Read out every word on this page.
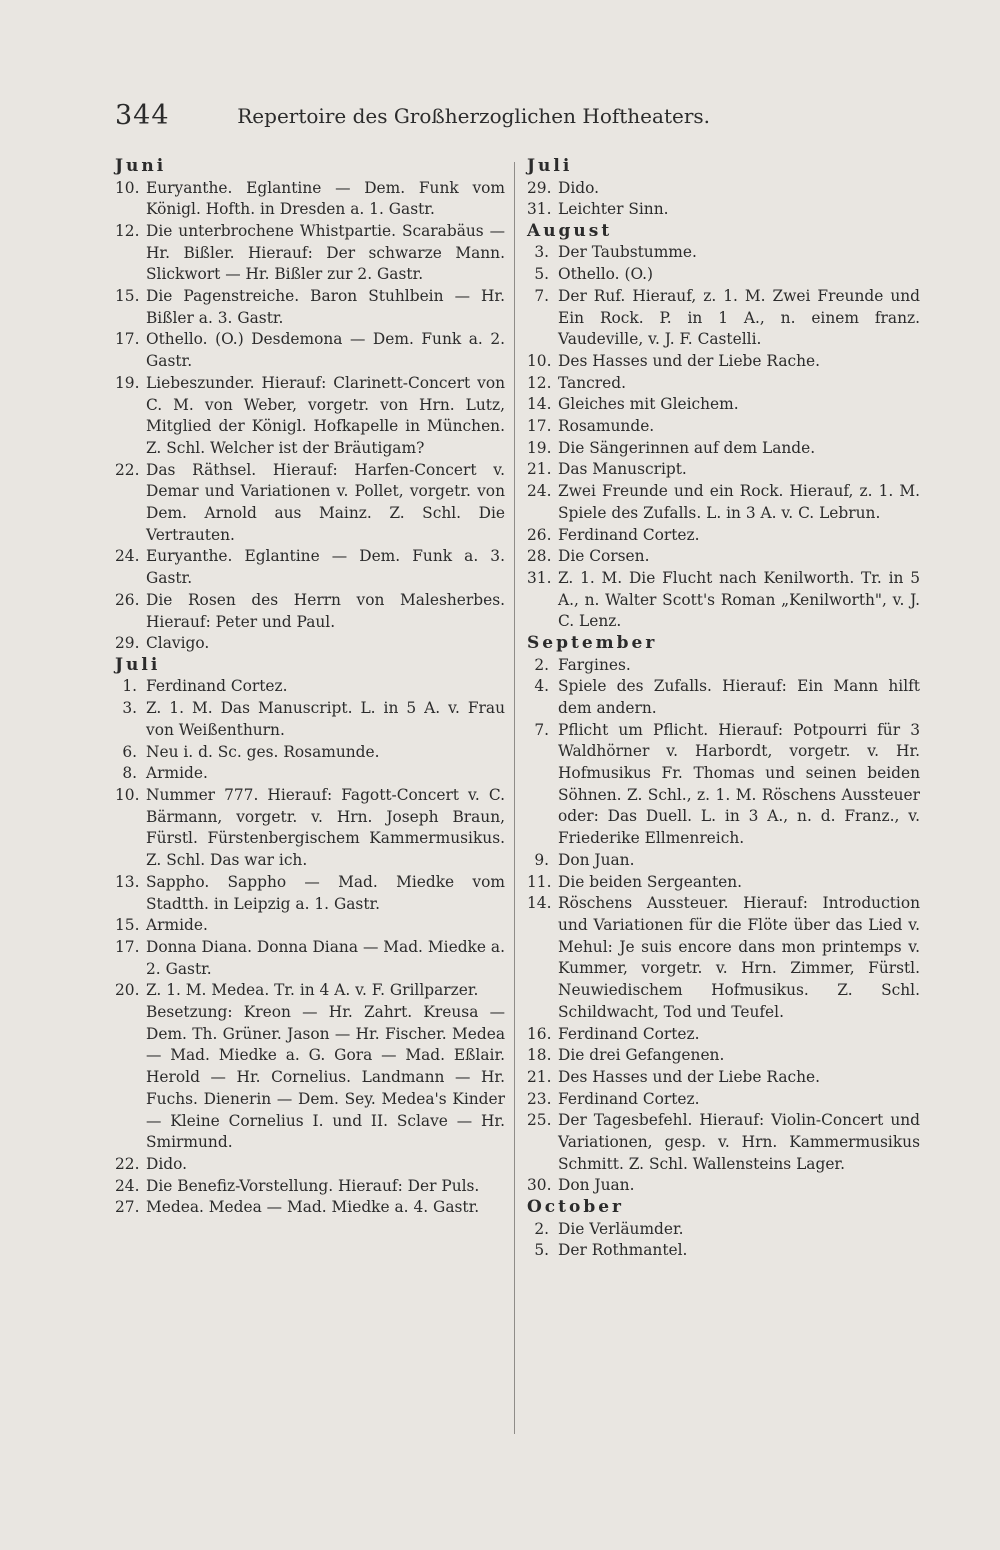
344	Repertoire des Großherzoglichen Hoftheaters.
Juni
10. Euryanthe. Eglantine — Dem. Funk vom Königl. Hofth. in Dresden a. 1. Gastr.
12. Die unterbrochene Whistpartie. Scarabäus — Hr. Bißler. Hierauf: Der schwarze Mann. Slickwort — Hr. Bißler zur 2. Gastr.
15. Die Pagenstreiche. Baron Stuhlbein — Hr. Bißler a. 3. Gastr.
17. Othello. (O.) Desdemona — Dem. Funk a. 2. Gastr.
19. Liebeszunder. Hierauf: Clarinett-Concert von C. M. von Weber, vorgetr. von Hrn. Lutz, Mitglied der Königl. Hofkapelle in München. Z. Schl. Welcher ist der Bräutigam?
22. Das Räthsel. Hierauf: Harfen-Concert v. Demar und Variationen v. Pollet, vorgetr. von Dem. Arnold aus Mainz. Z. Schl. Die Vertrauten.
24. Euryanthe. Eglantine — Dem. Funk a. 3. Gastr.
26. Die Rosen des Herrn von Malesherbes. Hierauf: Peter und Paul.
29. Clavigo.
Juli
1. Ferdinand Cortez.
3. Z. 1. M. Das Manuscript. L. in 5 A. v. Frau von Weißenthurn.
6. Neu i. d. Sc. ges. Rosamunde.
8. Armide.
10. Nummer 777. Hierauf: Fagott-Concert v. C. Bärmann, vorgetr. v. Hrn. Joseph Braun, Fürstl. Fürstenbergischem Kammermusikus. Z. Schl. Das war ich.
13. Sappho. Sappho — Mad. Miedke vom Stadtth. in Leipzig a. 1. Gastr.
15. Armide.
17. Donna Diana. Donna Diana — Mad. Miedke a. 2. Gastr.
20. Z. 1. M. Medea. Tr. in 4 A. v. F. Grillparzer.
Besetzung: Kreon — Hr. Zahrt. Kreusa — Dem. Th. Grüner. Jason — Hr. Fischer. Medea — Mad. Miedke a. G. Gora — Mad. Eßlair. Herold — Hr. Cornelius. Landmann — Hr. Fuchs. Dienerin — Dem. Sey. Medea's Kinder — Kleine Cornelius I. und II. Sclave — Hr. Smirmund.
22. Dido.
24. Die Benefiz-Vorstellung. Hierauf: Der Puls.
27. Medea. Medea — Mad. Miedke a. 4. Gastr.
Juli
29. Dido.
31. Leichter Sinn.
August
3. Der Taubstumme.
5. Othello. (O.)
7. Der Ruf. Hierauf, z. 1. M. Zwei Freunde und Ein Rock. P. in 1 A., n. einem franz. Vaudeville, v. J. F. Castelli.
10. Des Hasses und der Liebe Rache.
12. Tancred.
14. Gleiches mit Gleichem.
17. Rosamunde.
19. Die Sängerinnen auf dem Lande.
21. Das Manuscript.
24. Zwei Freunde und ein Rock. Hierauf, z. 1. M. Spiele des Zufalls. L. in 3 A. v. C. Lebrun.
26. Ferdinand Cortez.
28. Die Corsen.
31. Z. 1. M. Die Flucht nach Kenilworth. Tr. in 5 A., n. Walter Scott's Roman „Kenilworth", v. J. C. Lenz.
September
2. Fargines.
4. Spiele des Zufalls. Hierauf: Ein Mann hilft dem andern.
7. Pflicht um Pflicht. Hierauf: Potpourri für 3 Waldhörner v. Harbordt, vorgetr. v. Hr. Hofmusikus Fr. Thomas und seinen beiden Söhnen. Z. Schl., z. 1. M. Röschens Aussteuer oder: Das Duell. L. in 3 A., n. d. Franz., v. Friederike Ellmenreich.
9. Don Juan.
11. Die beiden Sergeanten.
14. Röschens Aussteuer. Hierauf: Introduction und Variationen für die Flöte über das Lied v. Mehul: Je suis encore dans mon printemps v. Kummer, vorgetr. v. Hrn. Zimmer, Fürstl. Neuwiedischem Hofmusikus. Z. Schl. Schildwacht, Tod und Teufel.
16. Ferdinand Cortez.
18. Die drei Gefangenen.
21. Des Hasses und der Liebe Rache.
23. Ferdinand Cortez.
25. Der Tagesbefehl. Hierauf: Violin-Concert und Variationen, gesp. v. Hrn. Kammermusikus Schmitt. Z. Schl. Wallensteins Lager.
30. Don Juan.
October
2. Die Verläumder.
5. Der Rothmantel.
